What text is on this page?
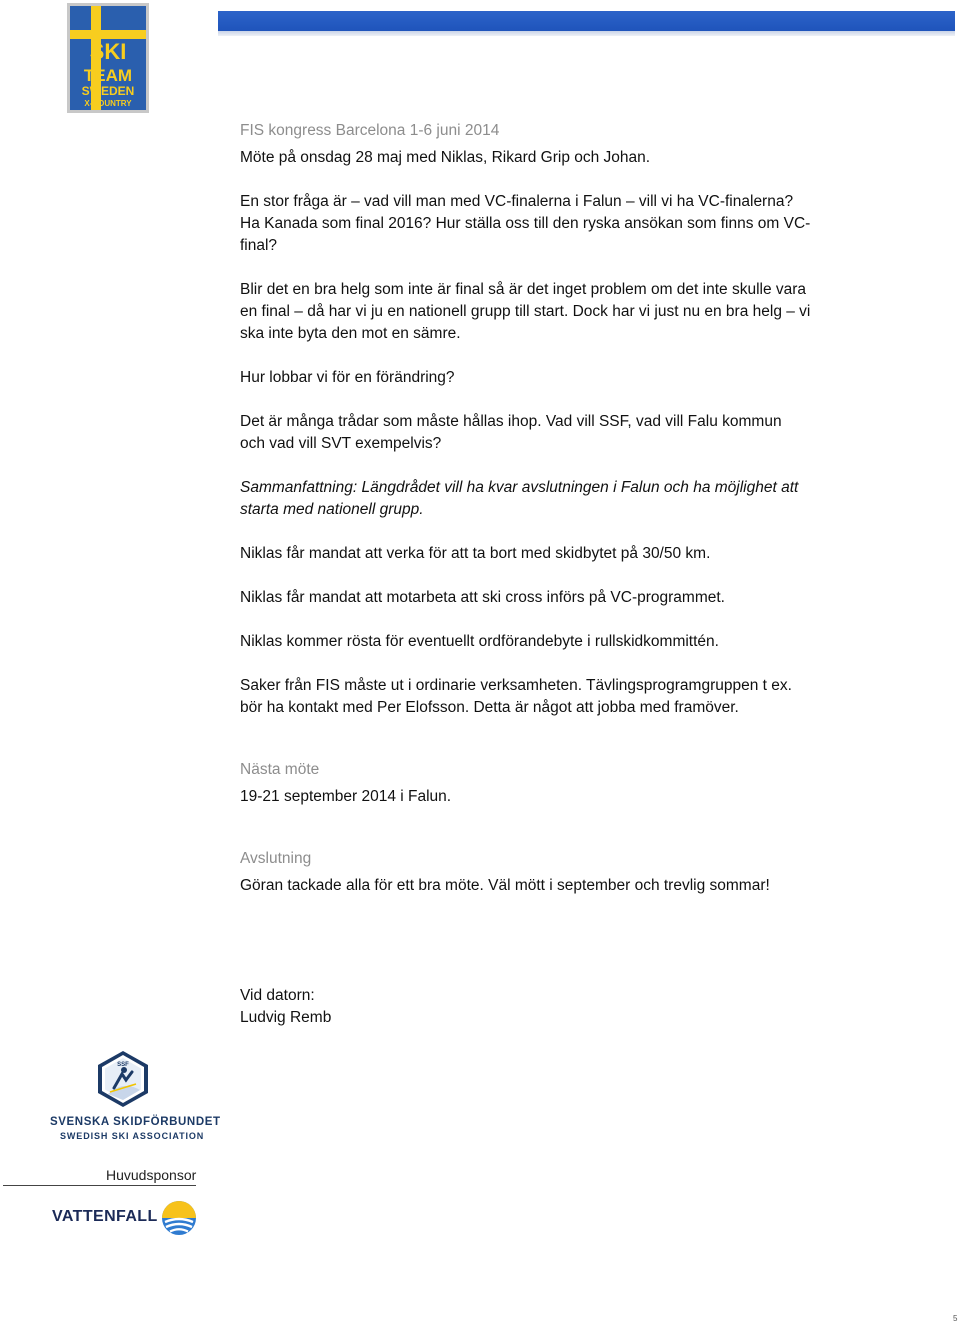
SKI
TEAM
SWEDEN
X-COUNTRY

FIS kongress Barcelona 1-6 juni 2014

Möte på onsdag 28 maj med Niklas, Rikard Grip och Johan.

En stor fråga är – vad vill man med VC-finalerna i Falun – vill vi ha VC-finalerna?
Ha Kanada som final 2016? Hur ställa oss till den ryska ansökan som finns om VC-
final?

Blir det en bra helg som inte är final så är det inget problem om det inte skulle vara
en final – då har vi ju en nationell grupp till start. Dock har vi just nu en bra helg – vi
ska inte byta den mot en sämre.

Hur lobbar vi för en förändring?

Det är många trådar som måste hållas ihop. Vad vill SSF, vad vill Falu kommun
och vad vill SVT exempelvis?

Sammanfattning: Längdrådet vill ha kvar avslutningen i Falun och ha möjlighet att
starta med nationell grupp.

Niklas får mandat att verka för att ta bort med skidbytet på 30/50 km.

Niklas får mandat att motarbeta att ski cross införs på VC-programmet.

Niklas kommer rösta för eventuellt ordförandebyte i rullskidkommittén.

Saker från FIS måste ut i ordinarie verksamheten. Tävlingsprogramgruppen t ex.
bör ha kontakt med Per Elofsson. Detta är något att jobba med framöver.

Nästa möte

19-21 september 2014 i Falun.

Avslutning

Göran tackade alla för ett bra möte. Väl mött i september och trevlig sommar!

Vid datorn:

Ludvig Remb

SSF
SVENSKA SKIDFÖRBUNDET
SWEDISH SKI ASSOCIATION
Huvudsponsor
VATTENFALL
5
